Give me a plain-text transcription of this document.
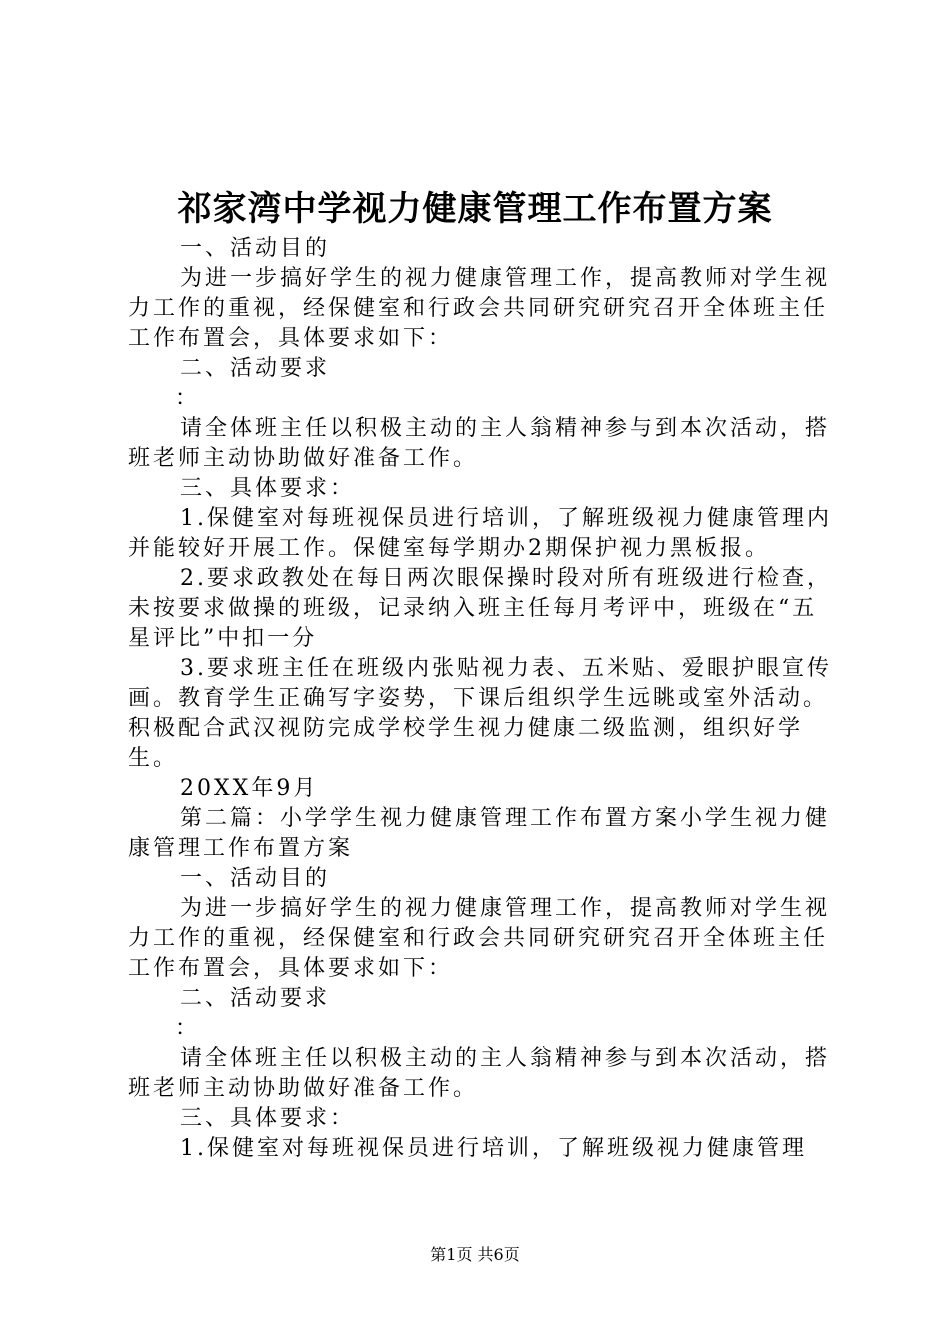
祁家湾中学视力健康管理工作布置方案

一、活动目的

为进一步搞好学生的视力健康管理工作，提高教师对学生视力工作的重视，经保健室和行政会共同研究研究召开全体班主任工作布置会，具体要求如下：

二、活动要求

：

请全体班主任以积极主动的主人翁精神参与到本次活动，搭班老师主动协助做好准备工作。

三、具体要求：

1.保健室对每班视保员进行培训，了解班级视力健康管理内并能较好开展工作。保健室每学期办2期保护视力黑板报。

2.要求政教处在每日两次眼保操时段对所有班级进行检查，未按要求做操的班级，记录纳入班主任每月考评中，班级在“五星评比”中扣一分

3.要求班主任在班级内张贴视力表、五米贴、爱眼护眼宣传画。教育学生正确写字姿势，下课后组织学生远眺或室外活动。积极配合武汉视防完成学校学生视力健康二级监测，组织好学生。

20XX年9月

第二篇：小学学生视力健康管理工作布置方案小学生视力健康管理工作布置方案

一、活动目的

为进一步搞好学生的视力健康管理工作，提高教师对学生视力工作的重视，经保健室和行政会共同研究研究召开全体班主任工作布置会，具体要求如下：

二、活动要求

：

请全体班主任以积极主动的主人翁精神参与到本次活动，搭班老师主动协助做好准备工作。

三、具体要求：

1.保健室对每班视保员进行培训，了解班级视力健康管理

第1页 共6页
